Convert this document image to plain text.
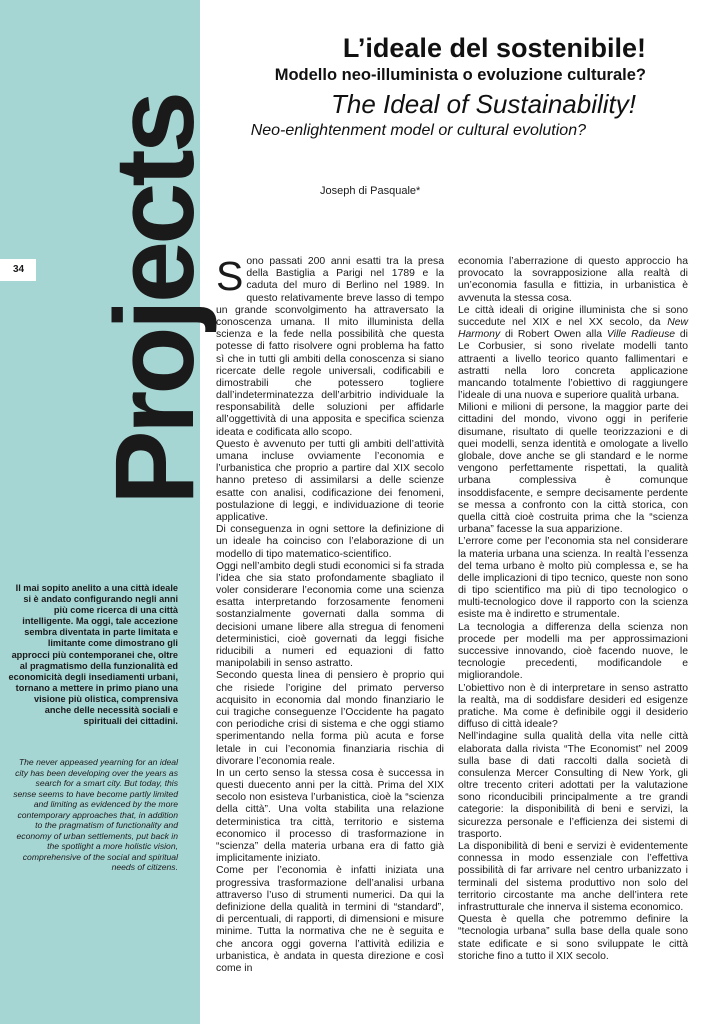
34 Projects
Il mai sopito anelito a una città ideale si è andato configurando negli anni più come ricerca di una città intelligente. Ma oggi, tale accezione sembra diventata in parte limitata e limitante come dimostrano gli approcci più contemporanei che, oltre al pragmatismo della funzionalità ed economicità degli insediamenti urbani, tornano a mettere in primo piano una visione più olistica, comprensiva anche delle necessità sociali e spirituali dei cittadini.
The never appeased yearning for an ideal city has been developing over the years as search for a smart city. But today, this sense seems to have become partly limited and limiting as evidenced by the more contemporary approaches that, in addition to the pragmatism of functionality and economy of urban settlements, put back in the spotlight a more holistic vision, comprehensive of the social and spiritual needs of citizens.
L’ideale del sostenibile!
Modello neo-illuminista o evoluzione culturale?
The Ideal of Sustainability!
Neo-enlightenment model or cultural evolution?
Joseph di Pasquale*

Sono passati 200 anni esatti tra la presa della Bastiglia a Parigi nel 1789 e la caduta del muro di Berlino nel 1989. In questo relativamente breve lasso di tempo un grande sconvolgimento ha attraversato la conoscenza umana. Il mito illuminista della scienza e la fede nella possibilità che questa potesse di fatto risolvere ogni problema ha fatto sì che in tutti gli ambiti della conoscenza si siano ricercate delle regole universali, codificabili e dimostrabili che potessero togliere dall’indeterminatezza dell’arbitrio individuale la responsabilità delle soluzioni per affidarle all’oggettività di una apposita e specifica scienza ideata e codificata allo scopo.

Questo è avvenuto per tutti gli ambiti dell’attività umana incluse ovviamente l’economia e l’urbanistica che proprio a partire dal XIX secolo hanno preteso di assimilarsi a delle scienze esatte con analisi, codificazione dei fenomeni, postulazione di leggi, e individuazione di teorie applicative.

Di conseguenza in ogni settore la definizione di un ideale ha coinciso con l’elaborazione di un modello di tipo matematico-scientifico.

Oggi nell’ambito degli studi economici si fa strada l’idea che sia stato profondamente sbagliato il voler considerare l’economia come una scienza esatta interpretando forzosamente fenomeni sostanzialmente governati dalla somma di decisioni umane libere alla stregua di fenomeni deterministici, cioè governati da leggi fisiche riducibili a numeri ed equazioni di fatto manipolabili in senso astratto.

Secondo questa linea di pensiero è proprio qui che risiede l’origine del primato perverso acquisito in economia dal mondo finanziario le cui tragiche conseguenze l’Occidente ha pagato con periodiche crisi di sistema e che oggi stiamo sperimentando nella forma più acuta e forse letale in cui l’economia finanziaria rischia di divorare l’economia reale.

In un certo senso la stessa cosa è successa in questi duecento anni per la città. Prima del XIX secolo non esisteva l’urbanistica, cioè la “scienza della città”. Una volta stabilita una relazione deterministica tra città, territorio e sistema economico il processo di trasformazione in “scienza” della materia urbana era di fatto già implicitamente iniziato.

Come per l’economia è infatti iniziata una progressiva trasformazione dell’analisi urbana attraverso l’uso di strumenti numerici. Da qui la definizione della qualità in termini di “standard”, di percentuali, di rapporti, di dimensioni e misure minime. Tutta la normativa che ne è seguita e che ancora oggi governa l’attività edilizia e urbanistica, è andata in questa direzione e così come in

economia l’aberrazione di questo approccio ha provocato la sovrapposizione alla realtà di un’economia fasulla e fittizia, in urbanistica è avvenuta la stessa cosa.

Le città ideali di origine illuminista che si sono succedute nel XIX e nel XX secolo, da New Harmony di Robert Owen alla Ville Radieuse di Le Corbusier, si sono rivelate modelli tanto attraenti a livello teorico quanto fallimentari e astratti nella loro concreta applicazione mancando totalmente l’obiettivo di raggiungere l’ideale di una nuova e superiore qualità urbana.

Milioni e milioni di persone, la maggior parte dei cittadini del mondo, vivono oggi in periferie disumane, risultato di quelle teorizzazioni e di quei modelli, senza identità e omologate a livello globale, dove anche se gli standard e le norme vengono perfettamente rispettati, la qualità urbana complessiva è comunque insoddisfacente, e sempre decisamente perdente se messa a confronto con la città storica, con quella città cioè costruita prima che la “scienza urbana” facesse la sua apparizione.

L’errore come per l’economia sta nel considerare la materia urbana una scienza. In realtà l’essenza del tema urbano è molto più complessa e, se ha delle implicazioni di tipo tecnico, queste non sono di tipo scientifico ma più di tipo tecnologico o multi-tecnologico dove il rapporto con la scienza esiste ma è indiretto e strumentale.

La tecnologia a differenza della scienza non procede per modelli ma per approssimazioni successive innovando, cioè facendo nuove, le tecnologie precedenti, modificandole e migliorandole.

L’obiettivo non è di interpretare in senso astratto la realtà, ma di soddisfare desideri ed esigenze pratiche. Ma come è definibile oggi il desiderio diffuso di città ideale?

Nell’indagine sulla qualità della vita nelle città elaborata dalla rivista “The Economist” nel 2009 sulla base di dati raccolti dalla società di consulenza Mercer Consulting di New York, gli oltre trecento criteri adottati per la valutazione sono riconducibili principalmente a tre grandi categorie: la disponibilità di beni e servizi, la sicurezza personale e l’efficienza dei sistemi di trasporto.

La disponibilità di beni e servizi è evidentemente connessa in modo essenziale con l’effettiva possibilità di far arrivare nel centro urbanizzato i terminali del sistema produttivo non solo del territorio circostante ma anche dell’intera rete infrastrutturale che innerva il sistema economico.

Questa è quella che potremmo definire la “tecnologia urbana” sulla base della quale sono state edificate e si sono sviluppate le città storiche fino a tutto il XIX secolo.
